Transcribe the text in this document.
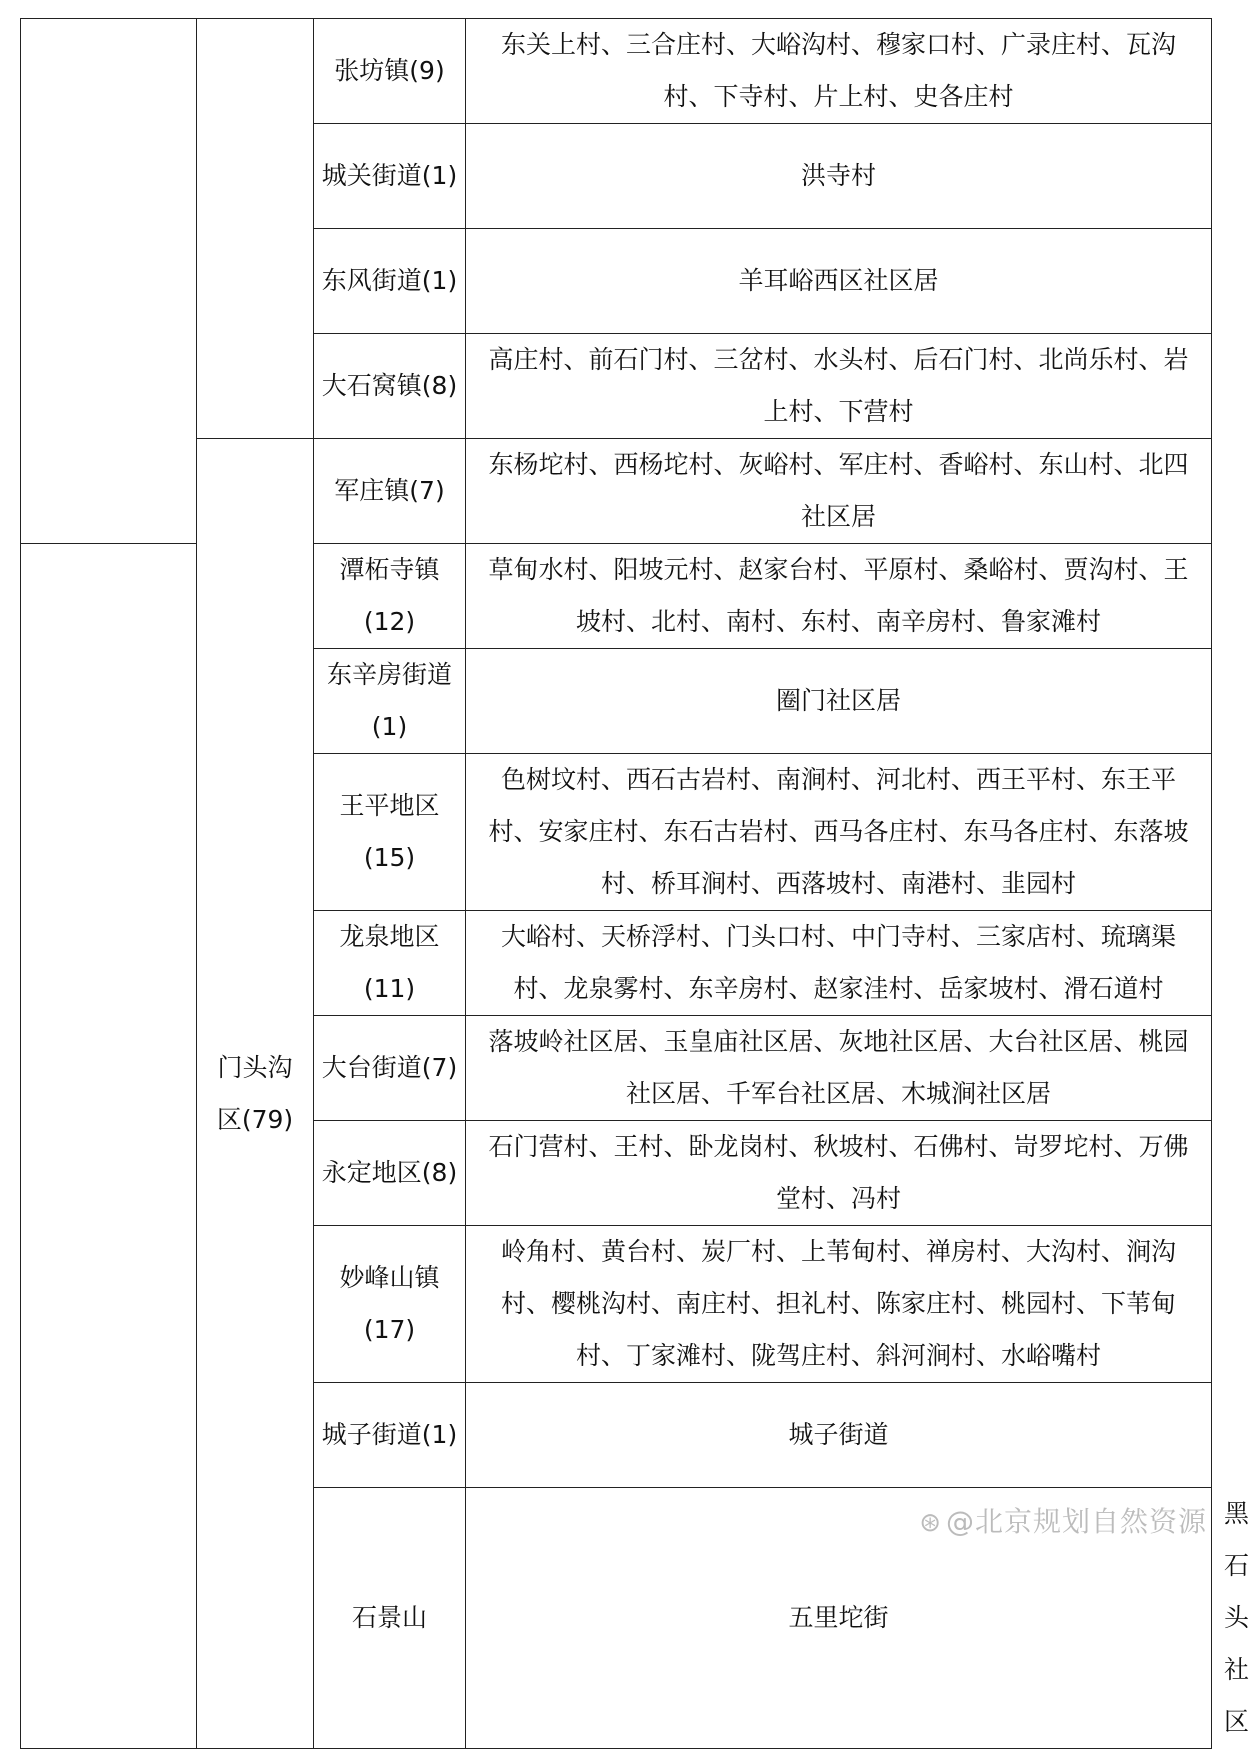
		张坊镇(9)	东关上村、三合庄村、大峪沟村、穆家口村、广录庄村、瓦沟村、下寺村、片上村、史各庄村	
		城关街道(1)	洪寺村	
		东风街道(1)	羊耳峪西区社区居	
		大石窝镇(8)	高庄村、前石门村、三岔村、水头村、后石门村、北尚乐村、岩上村、下营村	
	门头沟区(79)	军庄镇(7)	东杨坨村、西杨坨村、灰峪村、军庄村、香峪村、东山村、北四社区居	
		潭柘寺镇(12)	草甸水村、阳坡元村、赵家台村、平原村、桑峪村、贾沟村、王坡村、北村、南村、东村、南辛房村、鲁家滩村	
		东辛房街道(1)	圈门社区居	
		王平地区(15)	色树坟村、西石古岩村、南涧村、河北村、西王平村、东王平村、安家庄村、东石古岩村、西马各庄村、东马各庄村、东落坡村、桥耳涧村、西落坡村、南港村、韭园村	
		龙泉地区(11)	大峪村、天桥浮村、门头口村、中门寺村、三家店村、琉璃渠村、龙泉雾村、东辛房村、赵家洼村、岳家坡村、滑石道村	
		大台街道(7)	落坡岭社区居、玉皇庙社区居、灰地社区居、大台社区居、桃园社区居、千军台社区居、木城涧社区居	
		永定地区(8)	石门营村、王村、卧龙岗村、秋坡村、石佛村、岢罗坨村、万佛堂村、冯村	
		妙峰山镇(17)	岭角村、黄台村、炭厂村、上苇甸村、禅房村、大沟村、涧沟村、樱桃沟村、南庄村、担礼村、陈家庄村、桃园村、下苇甸村、丁家滩村、陇驾庄村、斜河涧村、水峪嘴村	
		城子街道(1)	城子街道	
		石景山	五里坨街	黑石头社区
⊛ @北京规划自然资源
